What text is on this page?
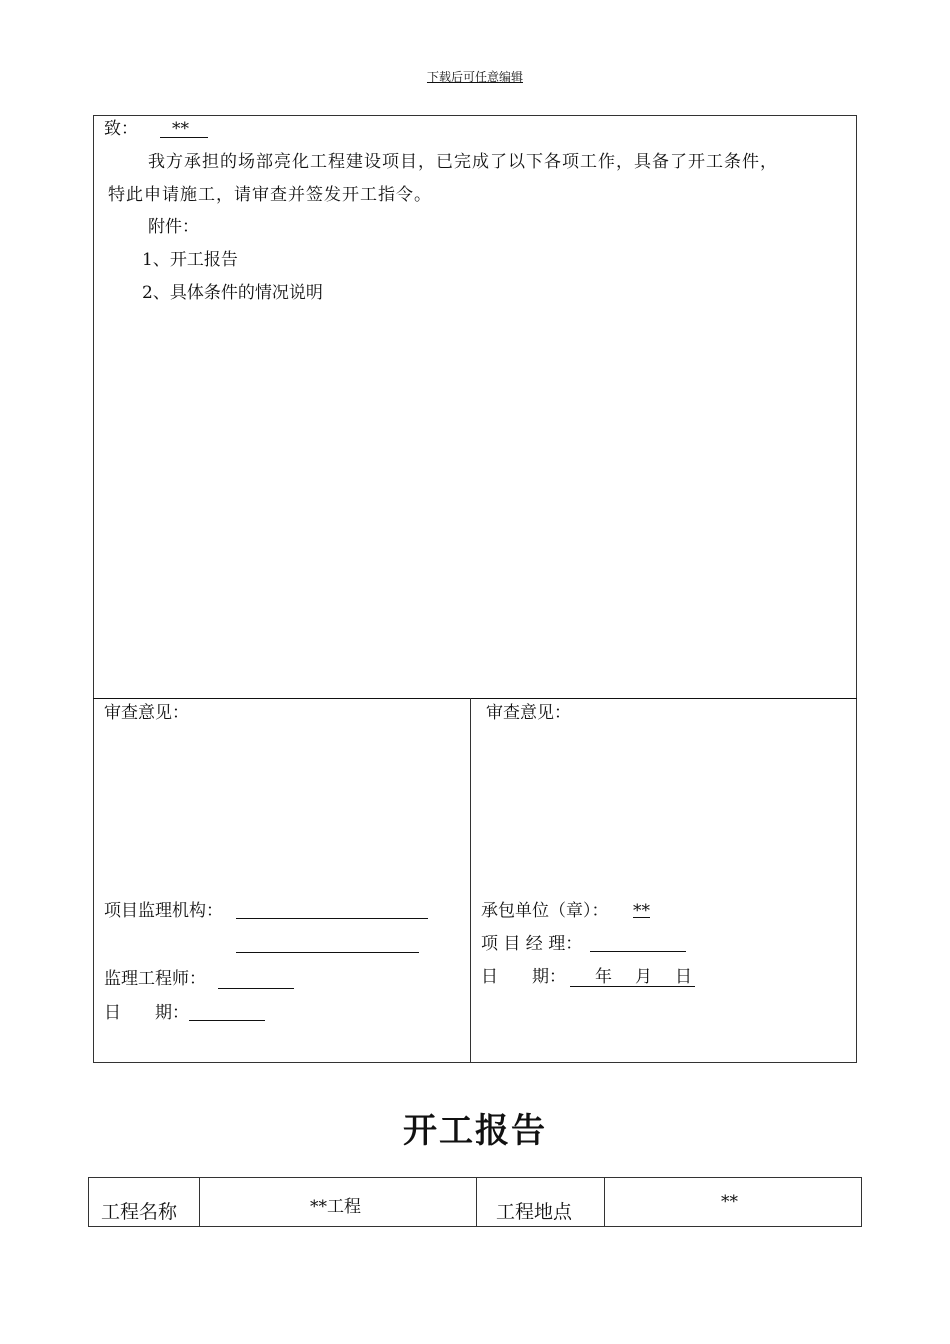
下载后可任意编辑
致： **
我方承担的场部亮化工程建设项目，已完成了以下各项工作，具备了开工条件，
特此申请施工，请审查并签发开工指令。
附件：
1、开工报告
2、具体条件的情况说明
审查意见：
项目监理机构：
监理工程师：
日　　期：
审查意见：
承包单位（章）： **
项 目 经 理：
日　　期： 　年　月　日
开工报告
工程名称	**工程	工程地点	**
